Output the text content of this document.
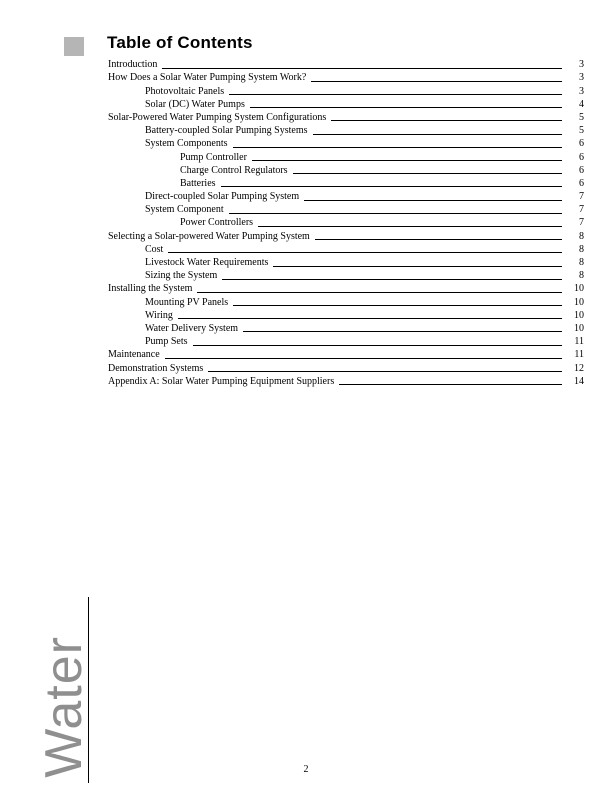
Table of Contents
Introduction	3
How Does a Solar Water Pumping System Work?	3
Photovoltaic Panels	3
Solar (DC) Water Pumps	4
Solar-Powered Water Pumping System Configurations	5
Battery-coupled Solar Pumping Systems	5
System Components	6
Pump Controller	6
Charge Control Regulators	6
Batteries	6
Direct-coupled Solar Pumping System	7
System Component	7
Power Controllers	7
Selecting a Solar-powered Water Pumping System	8
Cost	8
Livestock Water Requirements	8
Sizing the System	8
Installing the System	10
Mounting PV Panels	10
Wiring	10
Water Delivery System	10
Pump Sets	11
Maintenance	11
Demonstration Systems	12
Appendix A: Solar Water Pumping Equipment Suppliers	14
Water	2
